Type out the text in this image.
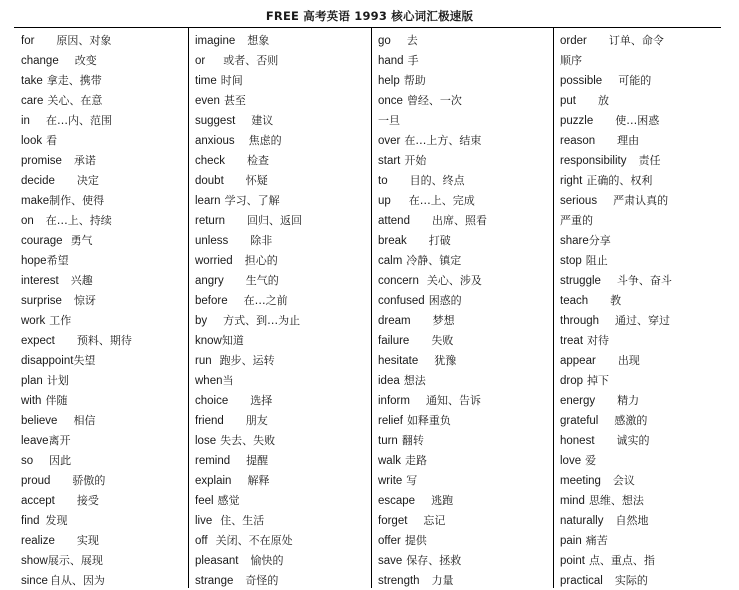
FREE 高考英语 1993 核心词汇极速版
for 原因、对象
change 改变
take 拿走、携带
care 关心、在意
in 在…内、范围
look 看
promise 承诺
decide 决定
make制作、使得
on 在…上、持续
courage 勇气
hope希望
interest 兴趣
surprise 惊讶
work 工作
expect 预料、期待
disappoint失望
plan 计划
with 伴随
believe 相信
leave离开
so 因此
proud 骄傲的
accept 接受
find 发现
realize 实现
show展示、展现
since 自从、因为
imagine 想象
or 或者、否则
time 时间
even 甚至
suggest 建议
anxious 焦虑的
check 检查
doubt 怀疑
learn 学习、了解
return 回归、返回
unless 除非
worried 担心的
angry 生气的
before 在…之前
by 方式、到…为止
know知道
run 跑步、运转
when当
choice 选择
friend 朋友
lose 失去、失败
remind 提醒
explain 解释
feel 感觉
live 住、生活
off 关闭、不在原处
pleasant 愉快的
strange 奇怪的
go 去
hand 手
help 帮助
once 曾经、一次
一旦
over 在…上方、结束
start 开始
to 目的、终点
up 在…上、完成
attend 出席、照看
break 打破
calm 冷静、镇定
concern 关心、涉及
confused 困惑的
dream 梦想
failure 失败
hesitate 犹豫
idea 想法
inform 通知、告诉
relief 如释重负
turn 翻转
walk 走路
write 写
escape 逃跑
forget 忘记
offer 提供
save 保存、拯救
strength 力量
order 订单、命令
顺序
possible 可能的
put 放
puzzle 使…困惑
reason 理由
responsibility 责任
right 正确的、权利
serious 严肃认真的
严重的
share分享
stop 阻止
struggle 斗争、奋斗
teach 教
through 通过、穿过
treat 对待
appear 出现
drop 掉下
energy 精力
grateful 感激的
honest 诚实的
love 爱
meeting 会议
mind 思维、想法
naturally 自然地
pain 痛苦
point 点、重点、指
practical 实际的
